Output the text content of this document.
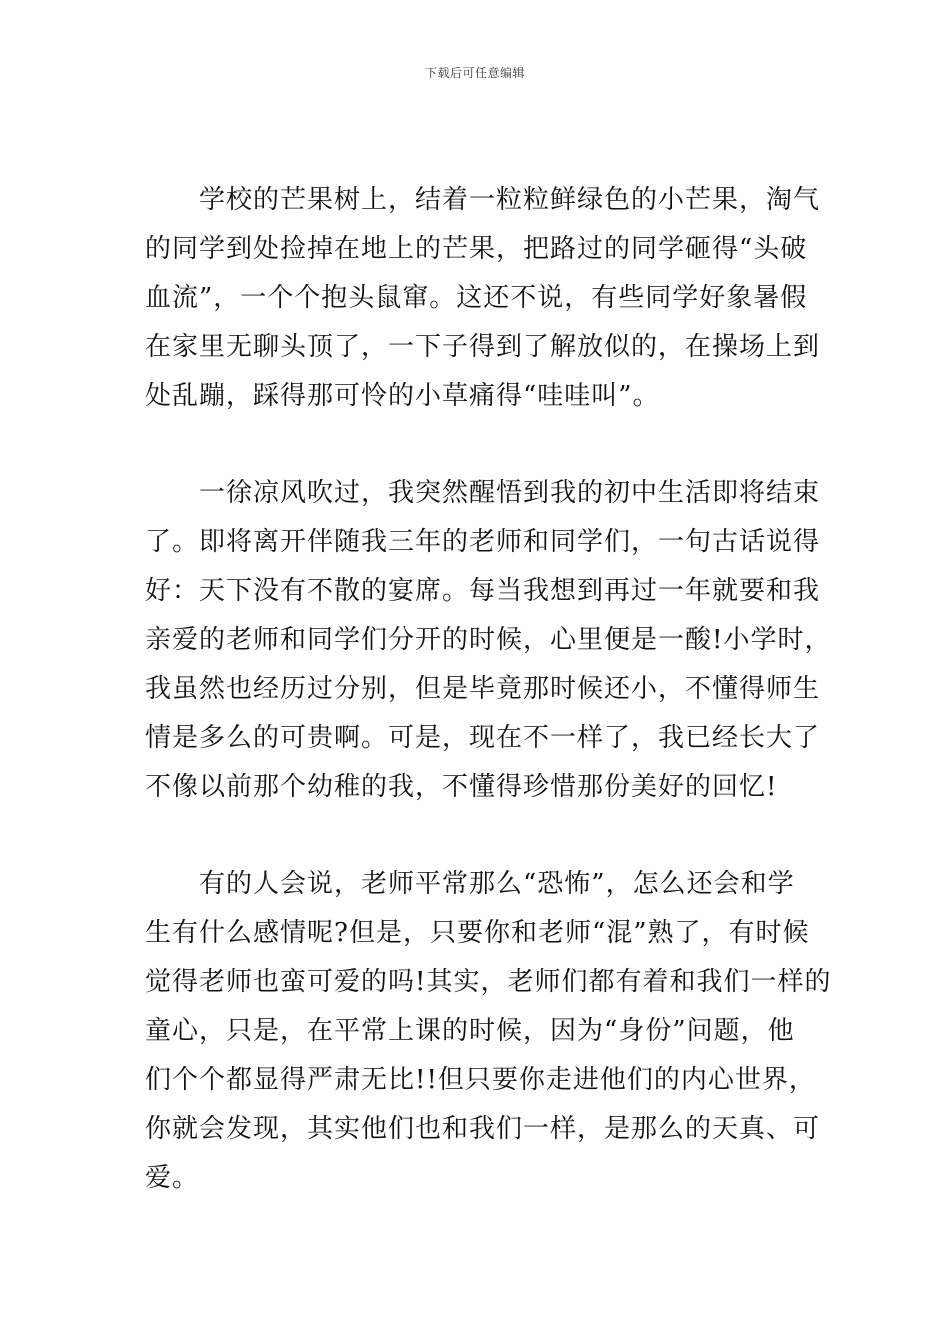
下载后可任意编辑
　　学校的芒果树上，结着一粒粒鲜绿色的小芒果，淘气
的同学到处捡掉在地上的芒果，把路过的同学砸得“头破
血流”，一个个抱头鼠窜。这还不说，有些同学好象暑假
在家里无聊头顶了，一下子得到了解放似的，在操场上到
处乱蹦，踩得那可怜的小草痛得“哇哇叫”。
　　一徐凉风吹过，我突然醒悟到我的初中生活即将结束
了。即将离开伴随我三年的老师和同学们，一句古话说得
好：天下没有不散的宴席。每当我想到再过一年就要和我
亲爱的老师和同学们分开的时候，心里便是一酸!小学时，
我虽然也经历过分别，但是毕竟那时候还小，不懂得师生
情是多么的可贵啊。可是，现在不一样了，我已经长大了
不像以前那个幼稚的我，不懂得珍惜那份美好的回忆!
　　有的人会说，老师平常那么“恐怖”，怎么还会和学
生有什么感情呢?但是，只要你和老师“混”熟了，有时候
觉得老师也蛮可爱的吗!其实，老师们都有着和我们一样的
童心，只是，在平常上课的时候，因为“身份”问题，他
们个个都显得严肃无比!!但只要你走进他们的内心世界，
你就会发现，其实他们也和我们一样，是那么的天真、可
爱。
